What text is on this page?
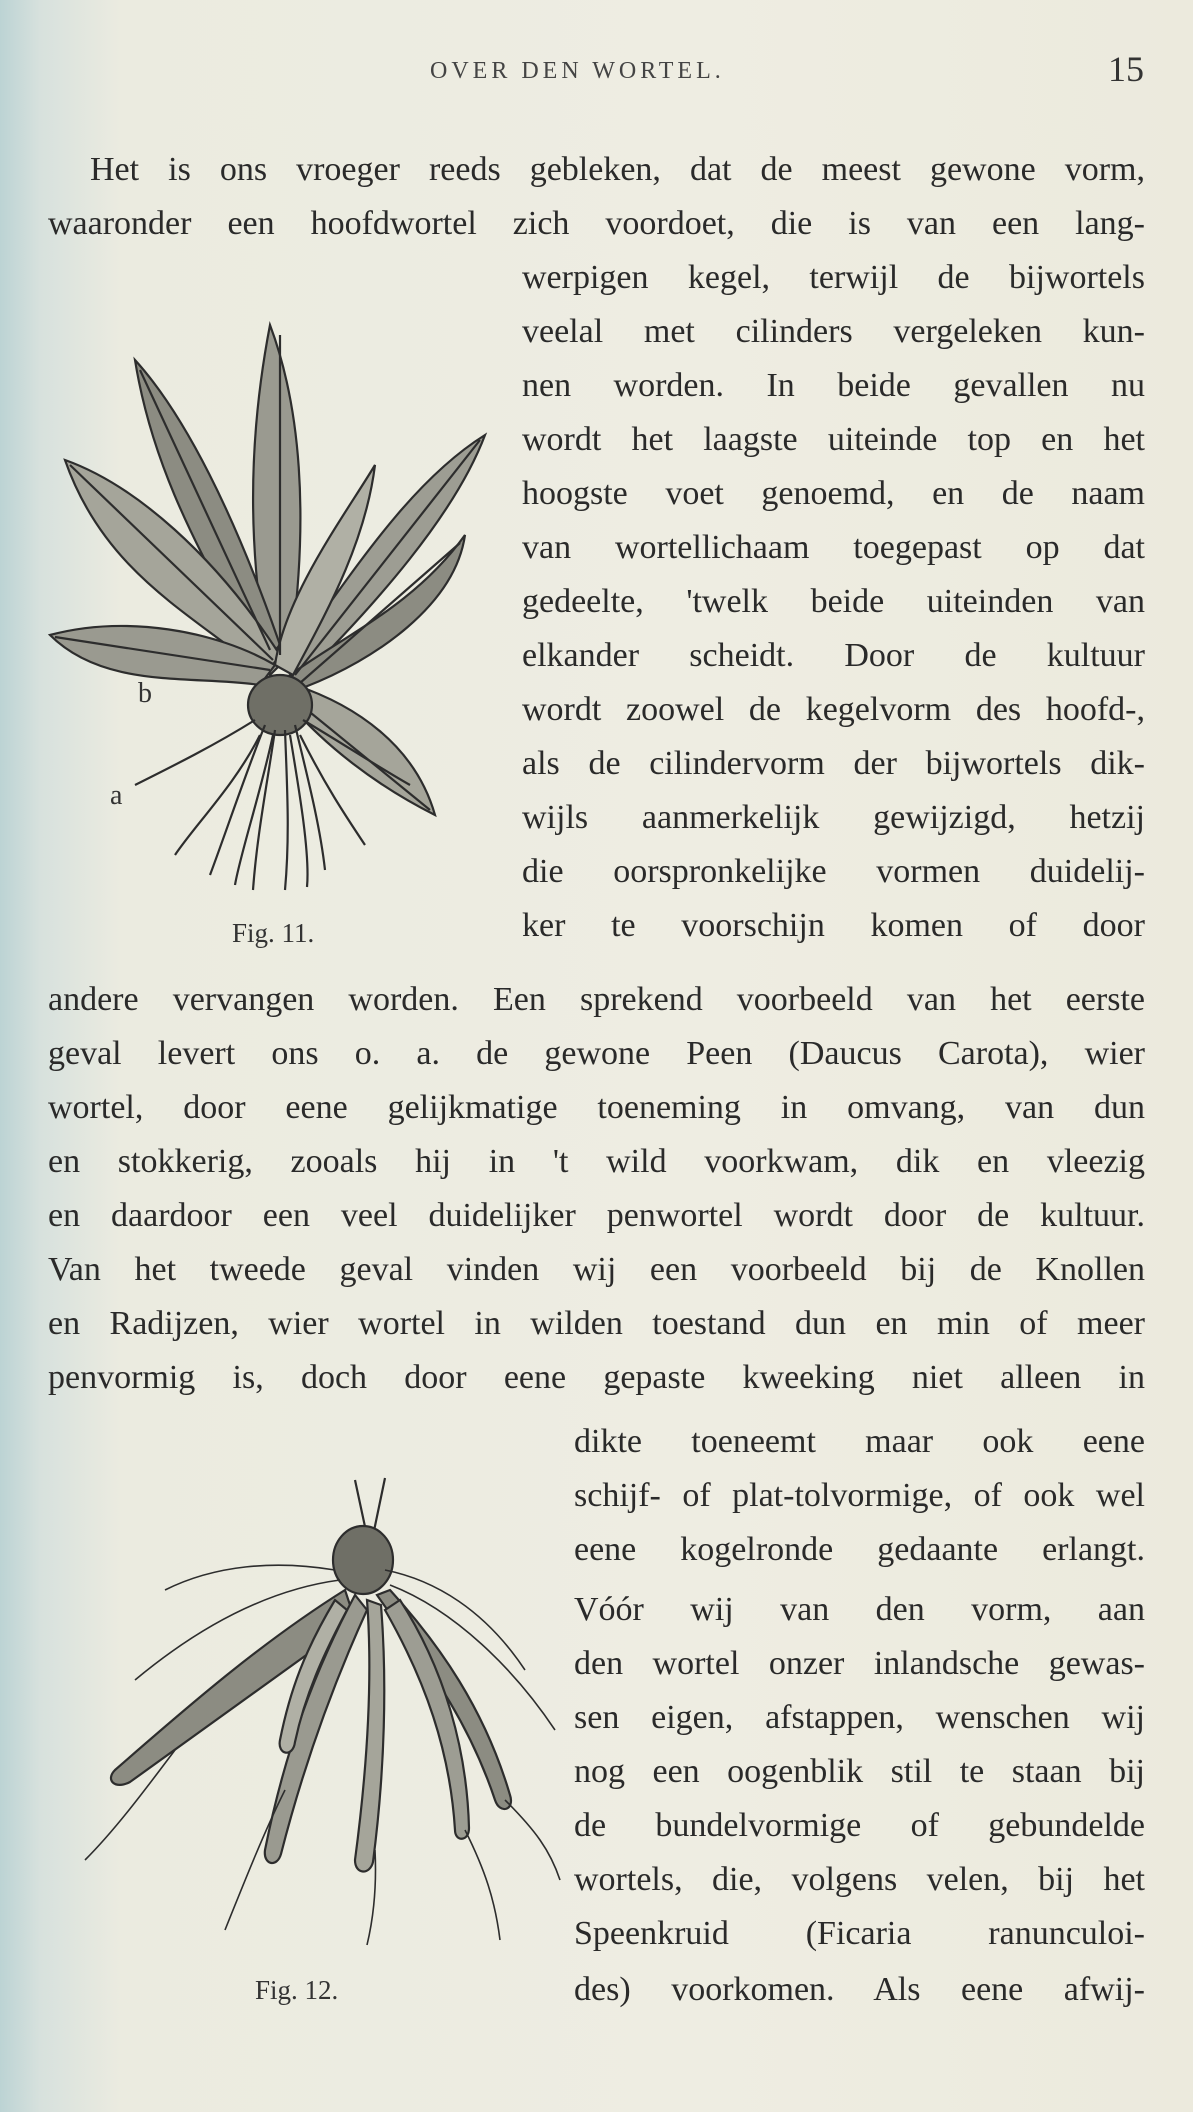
OVER DEN WORTEL.	15
Het is ons vroeger reeds gebleken, dat de meest gewone vorm,
waaronder een hoofdwortel zich voordoet, die is van een lang-
werpigen kegel, terwijl de bijwortels
veelal met cilinders vergeleken kun-
nen worden. In beide gevallen nu
wordt het laagste uiteinde top en het
hoogste voet genoemd, en de naam
van wortellichaam toegepast op dat
gedeelte, 'twelk beide uiteinden van
elkander scheidt. Door de kultuur
wordt zoowel de kegelvorm des hoofd-,
als de cilindervorm der bijwortels dik-
wijls aanmerkelijk gewijzigd, hetzij
die oorspronkelijke vormen duidelij-
ker te voorschijn komen of door
andere vervangen worden. Een sprekend voorbeeld van het eerste
geval levert ons o. a. de gewone Peen (Daucus Carota), wier
wortel, door eene gelijkmatige toeneming in omvang, van dun
en stokkerig, zooals hij in 't wild voorkwam, dik en vleezig
en daardoor een veel duidelijker penwortel wordt door de kultuur.
Van het tweede geval vinden wij een voorbeeld bij de Knollen
en Radijzen, wier wortel in wilden toestand dun en min of meer
penvormig is, doch door eene gepaste kweeking niet alleen in
dikte toeneemt maar ook eene
schijf- of plat-tolvormige, of ook wel
eene kogelronde gedaante erlangt.
Vóór wij van den vorm, aan
den wortel onzer inlandsche gewas-
sen eigen, afstappen, wenschen wij
nog een oogenblik stil te staan bij
de bundelvormige of gebundelde
wortels, die, volgens velen, bij het
Speenkruid (Ficaria ranunculoi-
des) voorkomen. Als eene afwij-
b
a
Fig. 11.
Fig. 12.
